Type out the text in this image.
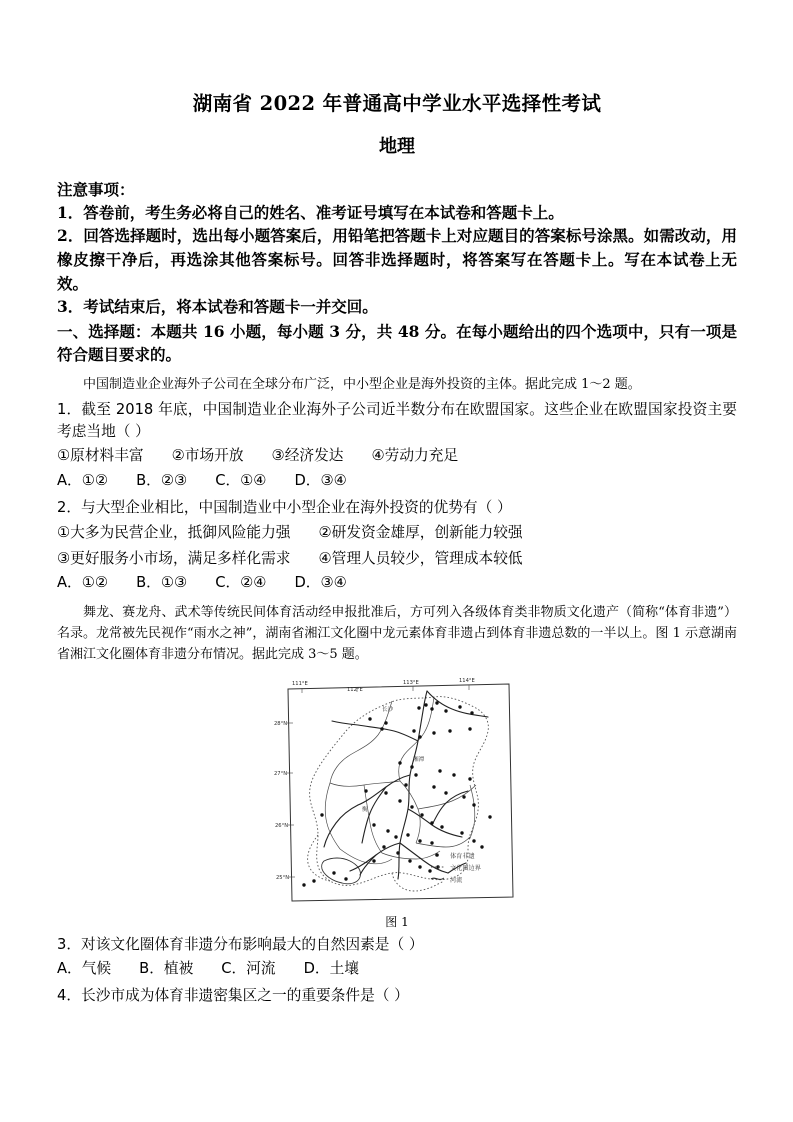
湖南省 2022 年普通高中学业水平选择性考试
地理
注意事项：
1．答卷前，考生务必将自己的姓名、准考证号填写在本试卷和答题卡上。
2．回答选择题时，选出每小题答案后，用铅笔把答题卡上对应题目的答案标号涂黑。如需改动，用橡皮擦干净后，再选涂其他答案标号。回答非选择题时，将答案写在答题卡上。写在本试卷上无效。
3．考试结束后，将本试卷和答题卡一并交回。
一、选择题：本题共 16 小题，每小题 3 分，共 48 分。在每小题给出的四个选项中，只有一项是符合题目要求的。
中国制造业企业海外子公司在全球分布广泛，中小型企业是海外投资的主体。据此完成 1～2 题。
1．截至 2018 年底，中国制造业企业海外子公司近半数分布在欧盟国家。这些企业在欧盟国家投资主要考虑当地（ ）
①原材料丰富      ②市场开放      ③经济发达      ④劳动力充足
A．①②      B．②③      C．①④      D．③④
2．与大型企业相比，中国制造业中小型企业在海外投资的优势有（ ）
①大多为民营企业，抵御风险能力强      ②研发资金雄厚，创新能力较强
③更好服务小市场，满足多样化需求      ④管理人员较少，管理成本较低
A．①②      B．①③      C．②④      D．③④
舞龙、赛龙舟、武术等传统民间体育活动经申报批准后，方可列入各级体育类非物质文化遗产（简称“体育非遗”）名录。龙常被先民视作“雨水之神”，湖南省湘江文化圈中龙元素体育非遗占到体育非遗总数的一半以上。图 1 示意湖南省湘江文化圈体育非遗分布情况。据此完成 3～5 题。
111°E
112°E
113°E	114°E
28°N
27°N
26°N
25°N
长沙
湘潭
衡
体育非遗
文化圈边界
河流
图 1
3．对该文化圈体育非遗分布影响最大的自然因素是（ ）
A．气候      B．植被      C．河流      D．土壤
4．长沙市成为体育非遗密集区之一的重要条件是（ ）
